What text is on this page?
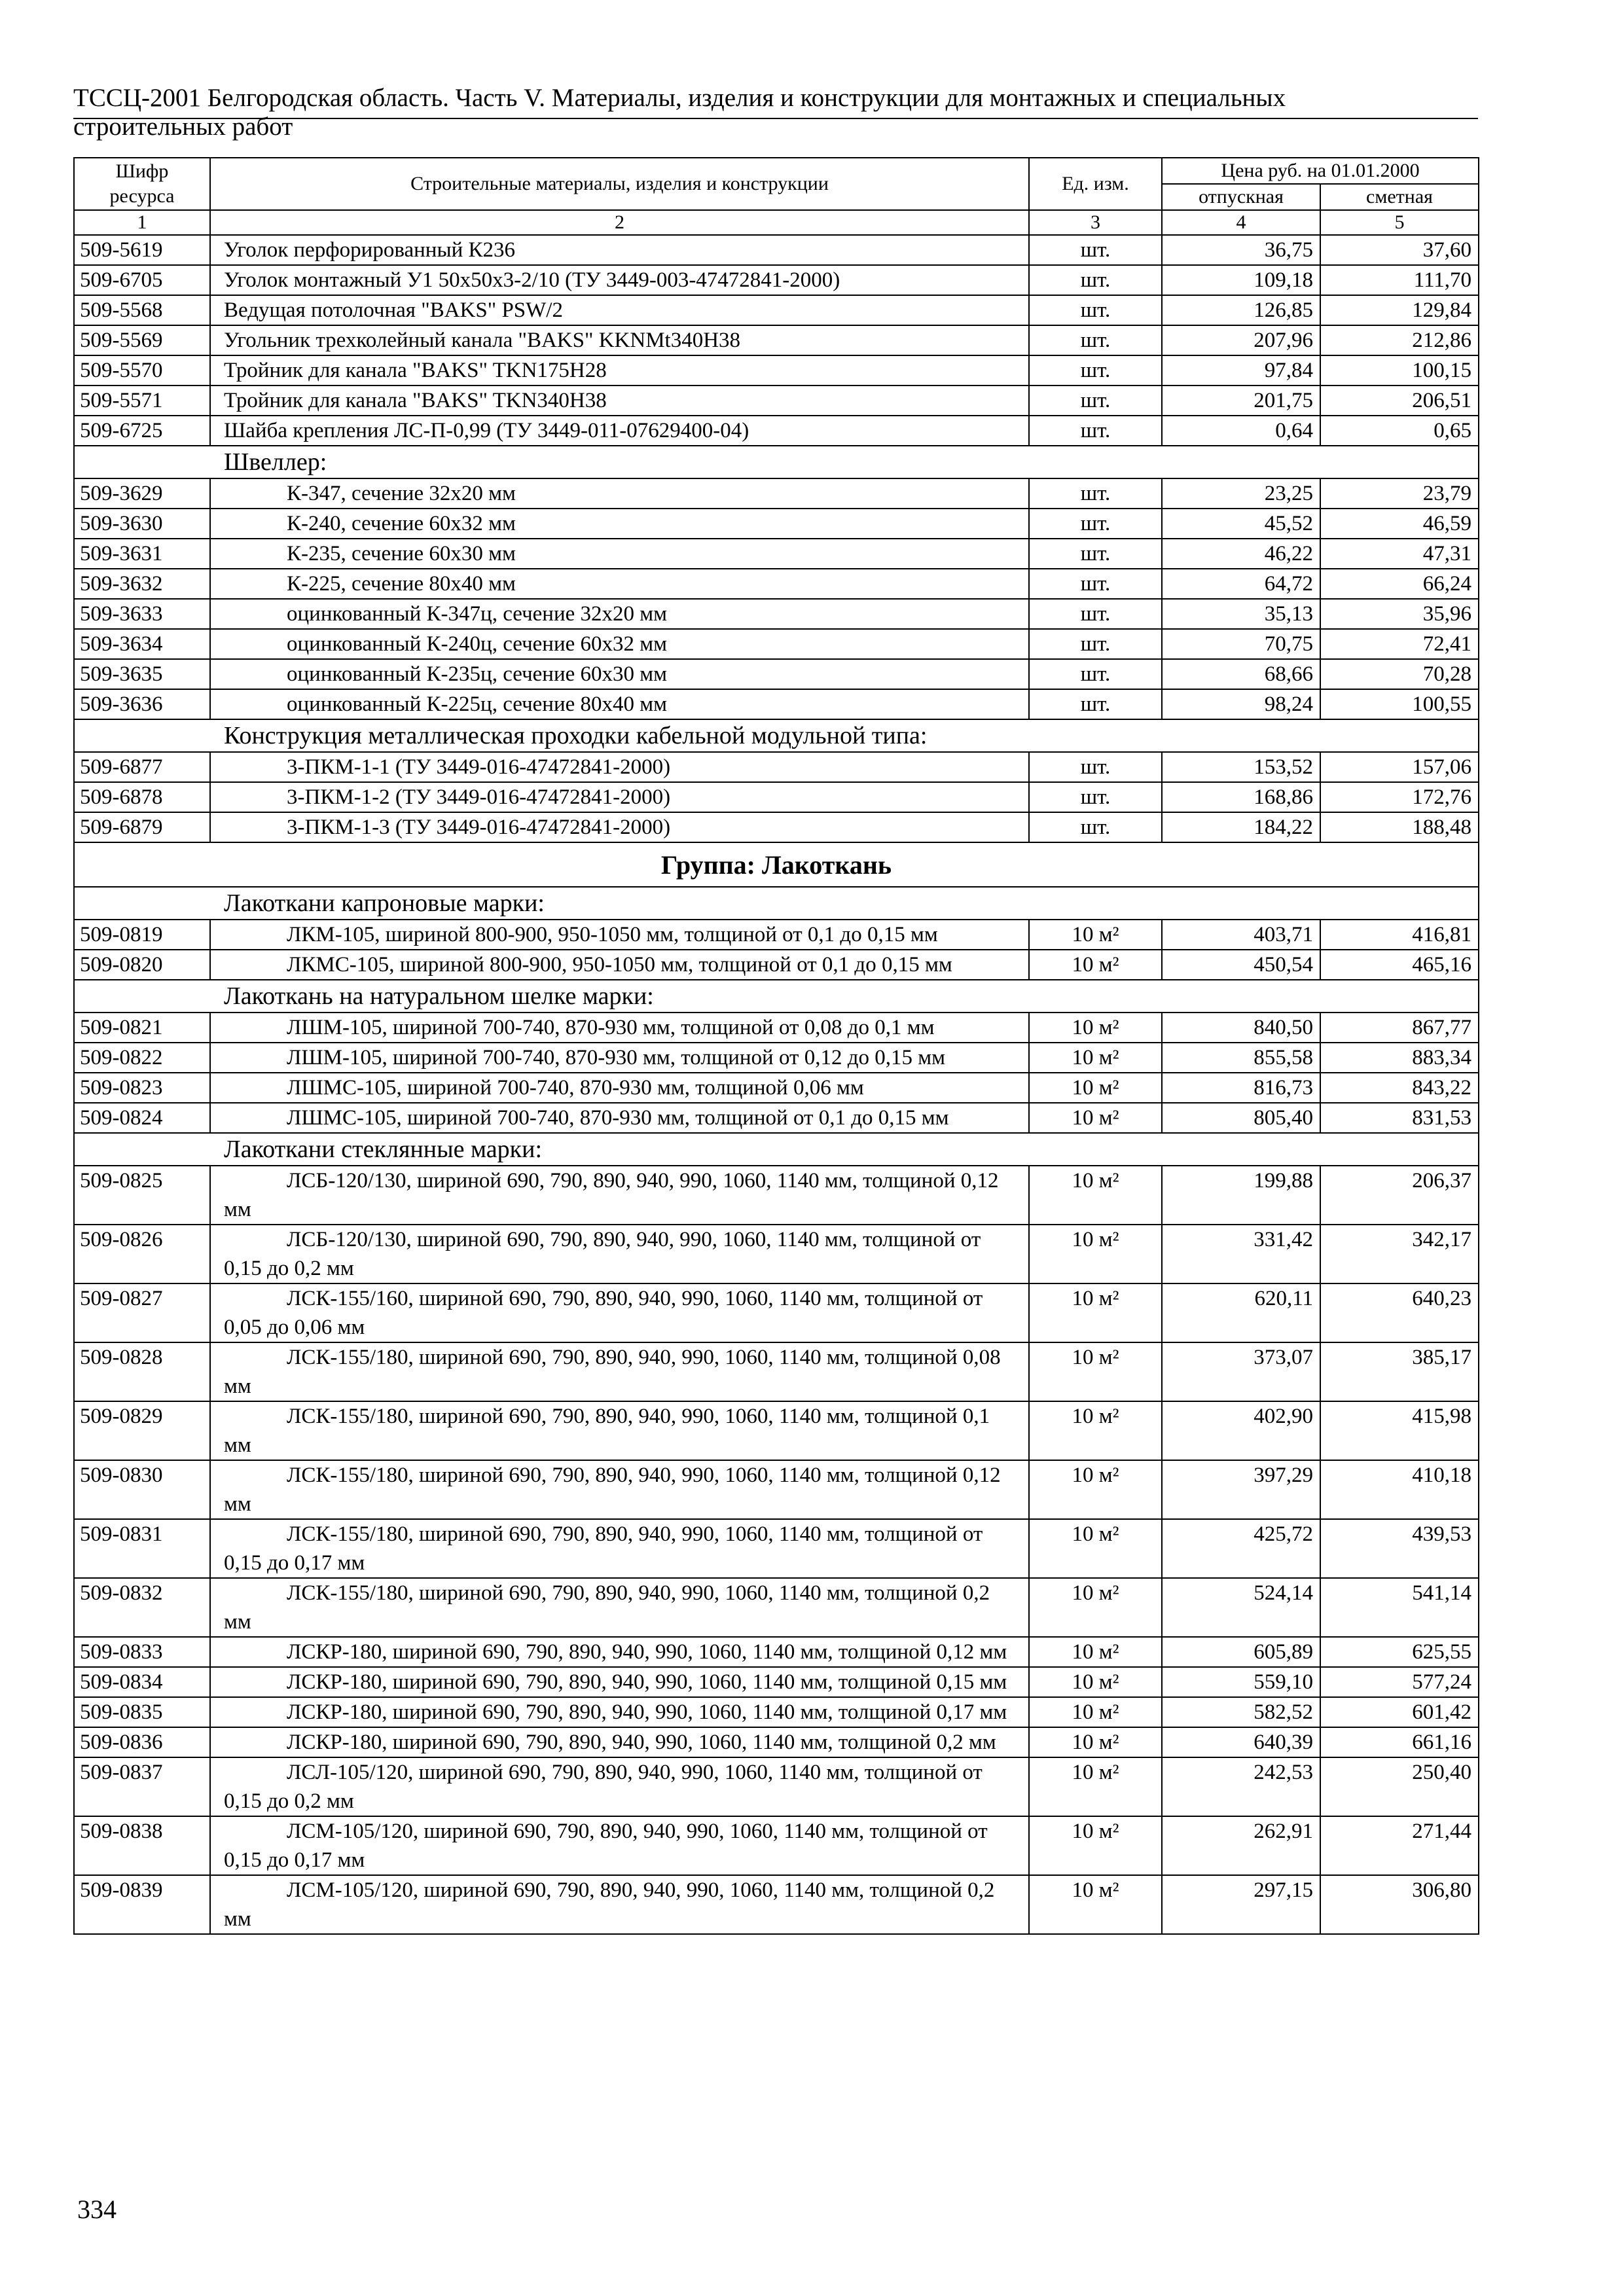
ТССЦ-2001 Белгородская область. Часть V. Материалы, изделия и конструкции для монтажных и специальных
строительных работ
Шифр ресурса	Строительные материалы, изделия и конструкции	Ед. изм.	Цена руб. на 01.01.2000	
			отпускная	сметная
1	2	3	4	5
509-5619	Уголок перфорированный К236	шт.	36,75	37,60
509-6705	Уголок монтажный У1 50х50х3-2/10 (ТУ 3449-003-47472841-2000)	шт.	109,18	111,70
509-5568	Ведущая потолочная "BAKS" PSW/2	шт.	126,85	129,84
509-5569	Угольник трехколейный канала "BAKS" KKNMt340H38	шт.	207,96	212,86
509-5570	Тройник для канала "BAKS" TKN175H28	шт.	97,84	100,15
509-5571	Тройник для канала "BAKS" TKN340H38	шт.	201,75	206,51
509-6725	Шайба крепления ЛС-П-0,99 (ТУ 3449-011-07629400-04)	шт.	0,64	0,65
Швеллер:				
509-3629	К-347, сечение 32х20 мм	шт.	23,25	23,79
509-3630	К-240, сечение 60х32 мм	шт.	45,52	46,59
509-3631	К-235, сечение 60х30 мм	шт.	46,22	47,31
509-3632	К-225, сечение 80х40 мм	шт.	64,72	66,24
509-3633	оцинкованный К-347ц, сечение 32х20 мм	шт.	35,13	35,96
509-3634	оцинкованный К-240ц, сечение 60х32 мм	шт.	70,75	72,41
509-3635	оцинкованный К-235ц, сечение 60х30 мм	шт.	68,66	70,28
509-3636	оцинкованный К-225ц, сечение 80х40 мм	шт.	98,24	100,55
Конструкция металлическая проходки кабельной модульной типа:				
509-6877	3-ПКМ-1-1 (ТУ 3449-016-47472841-2000)	шт.	153,52	157,06
509-6878	3-ПКМ-1-2 (ТУ 3449-016-47472841-2000)	шт.	168,86	172,76
509-6879	3-ПКМ-1-3 (ТУ 3449-016-47472841-2000)	шт.	184,22	188,48
Группа: Лакоткань				
Лакоткани капроновые марки:				
509-0819	ЛКМ-105, шириной 800-900, 950-1050 мм, толщиной от 0,1 до 0,15 мм	10 м²	403,71	416,81
509-0820	ЛКМС-105, шириной 800-900, 950-1050 мм, толщиной от 0,1 до 0,15 мм	10 м²	450,54	465,16
Лакоткань на натуральном шелке марки:				
509-0821	ЛШМ-105, шириной 700-740, 870-930 мм, толщиной от 0,08 до 0,1 мм	10 м²	840,50	867,77
509-0822	ЛШМ-105, шириной 700-740, 870-930 мм, толщиной от 0,12 до 0,15 мм	10 м²	855,58	883,34
509-0823	ЛШМС-105, шириной 700-740, 870-930 мм, толщиной 0,06 мм	10 м²	816,73	843,22
509-0824	ЛШМС-105, шириной 700-740, 870-930 мм, толщиной от 0,1 до 0,15 мм	10 м²	805,40	831,53
Лакоткани стеклянные марки:				
509-0825	ЛСБ-120/130, шириной 690, 790, 890, 940, 990, 1060, 1140 мм, толщиной 0,12 мм	10 м²	199,88	206,37
509-0826	ЛСБ-120/130, шириной 690, 790, 890, 940, 990, 1060, 1140 мм, толщиной от 0,15 до 0,2 мм	10 м²	331,42	342,17
509-0827	ЛСК-155/160, шириной 690, 790, 890, 940, 990, 1060, 1140 мм, толщиной от 0,05 до 0,06 мм	10 м²	620,11	640,23
509-0828	ЛСК-155/180, шириной 690, 790, 890, 940, 990, 1060, 1140 мм, толщиной 0,08 мм	10 м²	373,07	385,17
509-0829	ЛСК-155/180, шириной 690, 790, 890, 940, 990, 1060, 1140 мм, толщиной 0,1 мм	10 м²	402,90	415,98
509-0830	ЛСК-155/180, шириной 690, 790, 890, 940, 990, 1060, 1140 мм, толщиной 0,12 мм	10 м²	397,29	410,18
509-0831	ЛСК-155/180, шириной 690, 790, 890, 940, 990, 1060, 1140 мм, толщиной от 0,15 до 0,17 мм	10 м²	425,72	439,53
509-0832	ЛСК-155/180, шириной 690, 790, 890, 940, 990, 1060, 1140 мм, толщиной 0,2 мм	10 м²	524,14	541,14
509-0833	ЛСКР-180, шириной 690, 790, 890, 940, 990, 1060, 1140 мм, толщиной 0,12 мм	10 м²	605,89	625,55
509-0834	ЛСКР-180, шириной 690, 790, 890, 940, 990, 1060, 1140 мм, толщиной 0,15 мм	10 м²	559,10	577,24
509-0835	ЛСКР-180, шириной 690, 790, 890, 940, 990, 1060, 1140 мм, толщиной 0,17 мм	10 м²	582,52	601,42
509-0836	ЛСКР-180, шириной 690, 790, 890, 940, 990, 1060, 1140 мм, толщиной 0,2 мм	10 м²	640,39	661,16
509-0837	ЛСЛ-105/120, шириной 690, 790, 890, 940, 990, 1060, 1140 мм, толщиной от 0,15 до 0,2 мм	10 м²	242,53	250,40
509-0838	ЛСМ-105/120, шириной 690, 790, 890, 940, 990, 1060, 1140 мм, толщиной от 0,15 до 0,17 мм	10 м²	262,91	271,44
509-0839	ЛСМ-105/120, шириной 690, 790, 890, 940, 990, 1060, 1140 мм, толщиной 0,2 мм	10 м²	297,15	306,80
334
